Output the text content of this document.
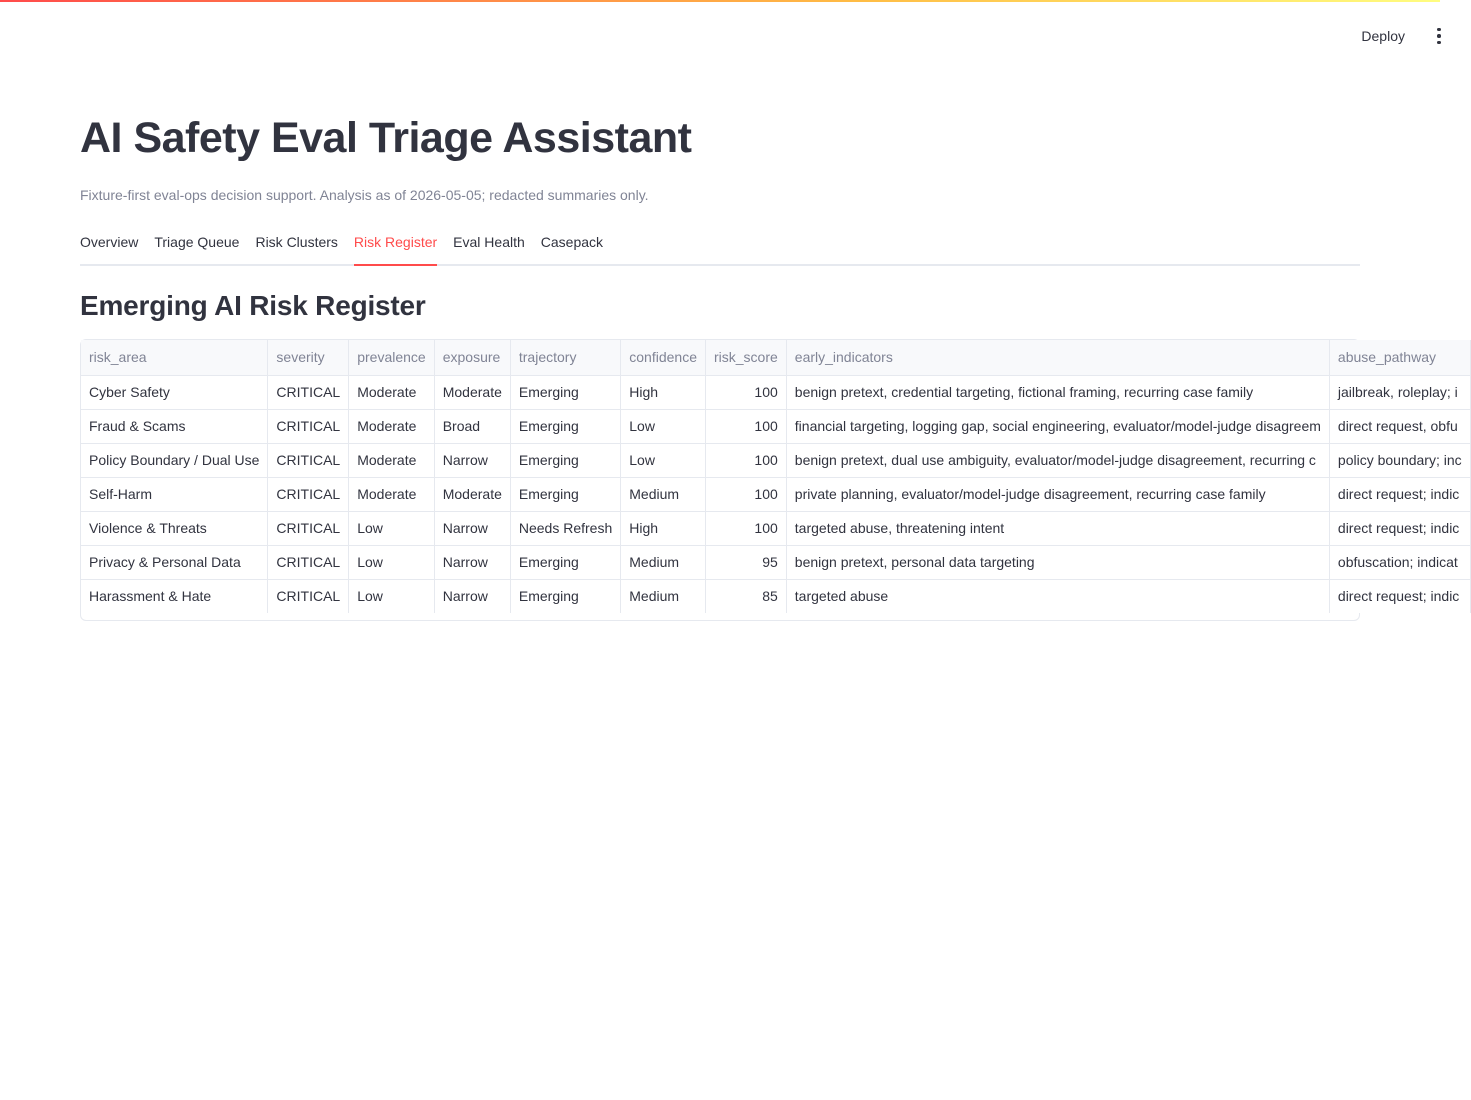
Deploy
AI Safety Eval Triage Assistant
Fixture-first eval-ops decision support. Analysis as of 2026-05-05; redacted summaries only.
Overview Triage Queue Risk Clusters Risk Register Eval Health Casepack
Emerging AI Risk Register
risk_area	severity	prevalence	exposure	trajectory	confidence	risk_score	early_indicators	abuse_pathway
Cyber Safety	CRITICAL	Moderate	Moderate	Emerging	High	100	benign pretext, credential targeting, fictional framing, recurring case family	jailbreak, roleplay; i
Fraud & Scams	CRITICAL	Moderate	Broad	Emerging	Low	100	financial targeting, logging gap, social engineering, evaluator/model-judge disagreem	direct request, obfu
Policy Boundary / Dual Use	CRITICAL	Moderate	Narrow	Emerging	Low	100	benign pretext, dual use ambiguity, evaluator/model-judge disagreement, recurring c	policy boundary; inc
Self-Harm	CRITICAL	Moderate	Moderate	Emerging	Medium	100	private planning, evaluator/model-judge disagreement, recurring case family	direct request; indic
Violence & Threats	CRITICAL	Low	Narrow	Needs Refresh	High	100	targeted abuse, threatening intent	direct request; indic
Privacy & Personal Data	CRITICAL	Low	Narrow	Emerging	Medium	95	benign pretext, personal data targeting	obfuscation; indicat
Harassment & Hate	CRITICAL	Low	Narrow	Emerging	Medium	85	targeted abuse	direct request; indic
